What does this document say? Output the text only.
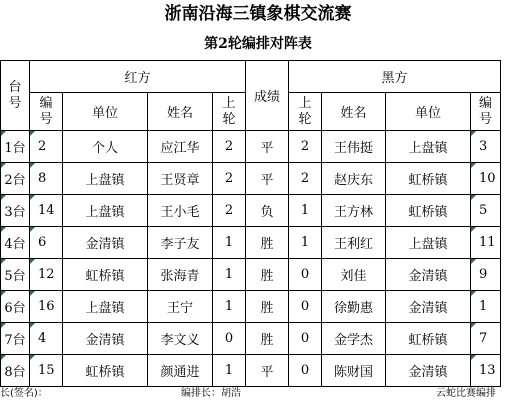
浙南沿海三镇象棋交流赛
第2轮编排对阵表
台号	红方				成绩	黑方			
	编号	单位	姓名	上轮		上轮	姓名	单位	编号

1台	2	个人	应江华	2	平	2	王伟挺	上盘镇	3

2台	8	上盘镇	王贤章	2	平	2	赵庆东	虹桥镇	10

3台	14	上盘镇	王小毛	2	负	1	王方林	虹桥镇	5

4台	6	金清镇	李子友	1	胜	1	王利红	上盘镇	11

5台	12	虹桥镇	张海青	1	胜	0	刘佳	金清镇	9

6台	16	上盘镇	王宁	1	胜	0	徐勤惠	金清镇	1

7台	4	金清镇	李文义	0	胜	0	金学杰	虹桥镇	7

8台	15	虹桥镇	颜通进	1	平	0	陈财国	金清镇	13
长(签名)：	编排长：胡浩	云蛇比赛编排
